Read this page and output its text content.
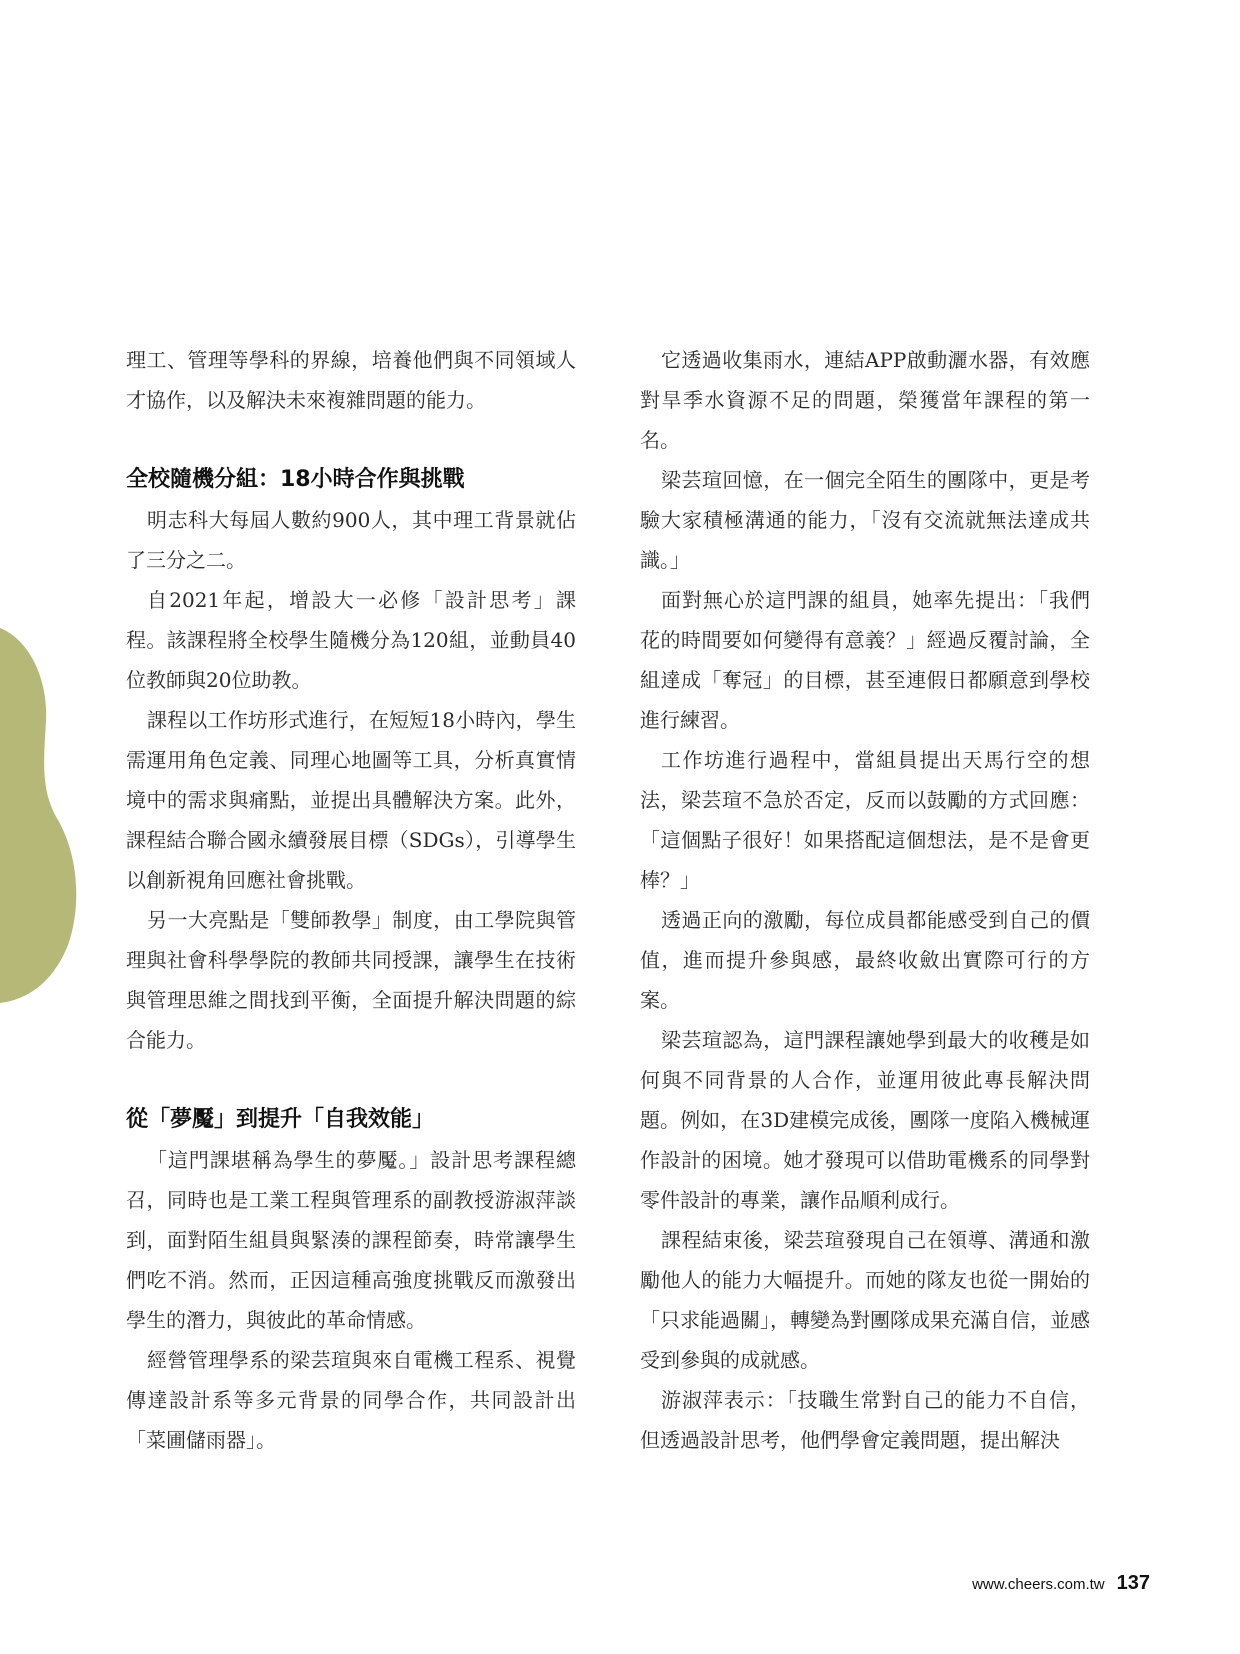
理工、管理等學科的界線，培養他們與不同領域人才協作，以及解決未來複雜問題的能力。

全校隨機分組：18小時合作與挑戰

明志科大每屆人數約900人，其中理工背景就佔了三分之二。

自2021年起，增設大一必修「設計思考」課程。該課程將全校學生隨機分為120組，並動員40位教師與20位助教。

課程以工作坊形式進行，在短短18小時內，學生需運用角色定義、同理心地圖等工具，分析真實情境中的需求與痛點，並提出具體解決方案。此外，課程結合聯合國永續發展目標（SDGs），引導學生以創新視角回應社會挑戰。

另一大亮點是「雙師教學」制度，由工學院與管理與社會科學學院的教師共同授課，讓學生在技術與管理思維之間找到平衡，全面提升解決問題的綜合能力。

從「夢魘」到提升「自我效能」

「這門課堪稱為學生的夢魘。」設計思考課程總召，同時也是工業工程與管理系的副教授游淑萍談到，面對陌生組員與緊湊的課程節奏，時常讓學生們吃不消。然而，正因這種高強度挑戰反而激發出學生的潛力，與彼此的革命情感。

經營管理學系的梁芸瑄與來自電機工程系、視覺傳達設計系等多元背景的同學合作，共同設計出「菜圃儲雨器」。

它透過收集雨水，連結APP啟動灑水器，有效應對旱季水資源不足的問題，榮獲當年課程的第一名。

梁芸瑄回憶，在一個完全陌生的團隊中，更是考驗大家積極溝通的能力，「沒有交流就無法達成共識。」

面對無心於這門課的組員，她率先提出：「我們花的時間要如何變得有意義？」經過反覆討論，全組達成「奪冠」的目標，甚至連假日都願意到學校進行練習。

工作坊進行過程中，當組員提出天馬行空的想法，梁芸瑄不急於否定，反而以鼓勵的方式回應：「這個點子很好！如果搭配這個想法，是不是會更棒？」

透過正向的激勵，每位成員都能感受到自己的價值，進而提升參與感，最終收斂出實際可行的方案。

梁芸瑄認為，這門課程讓她學到最大的收穫是如何與不同背景的人合作，並運用彼此專長解決問題。例如，在3D建模完成後，團隊一度陷入機械運作設計的困境。她才發現可以借助電機系的同學對零件設計的專業，讓作品順利成行。

課程結束後，梁芸瑄發現自己在領導、溝通和激勵他人的能力大幅提升。而她的隊友也從一開始的「只求能過關」，轉變為對團隊成果充滿自信，並感受到參與的成就感。

游淑萍表示：「技職生常對自己的能力不自信，但透過設計思考，他們學會定義問題，提出解決

www.cheers.com.tw 137
